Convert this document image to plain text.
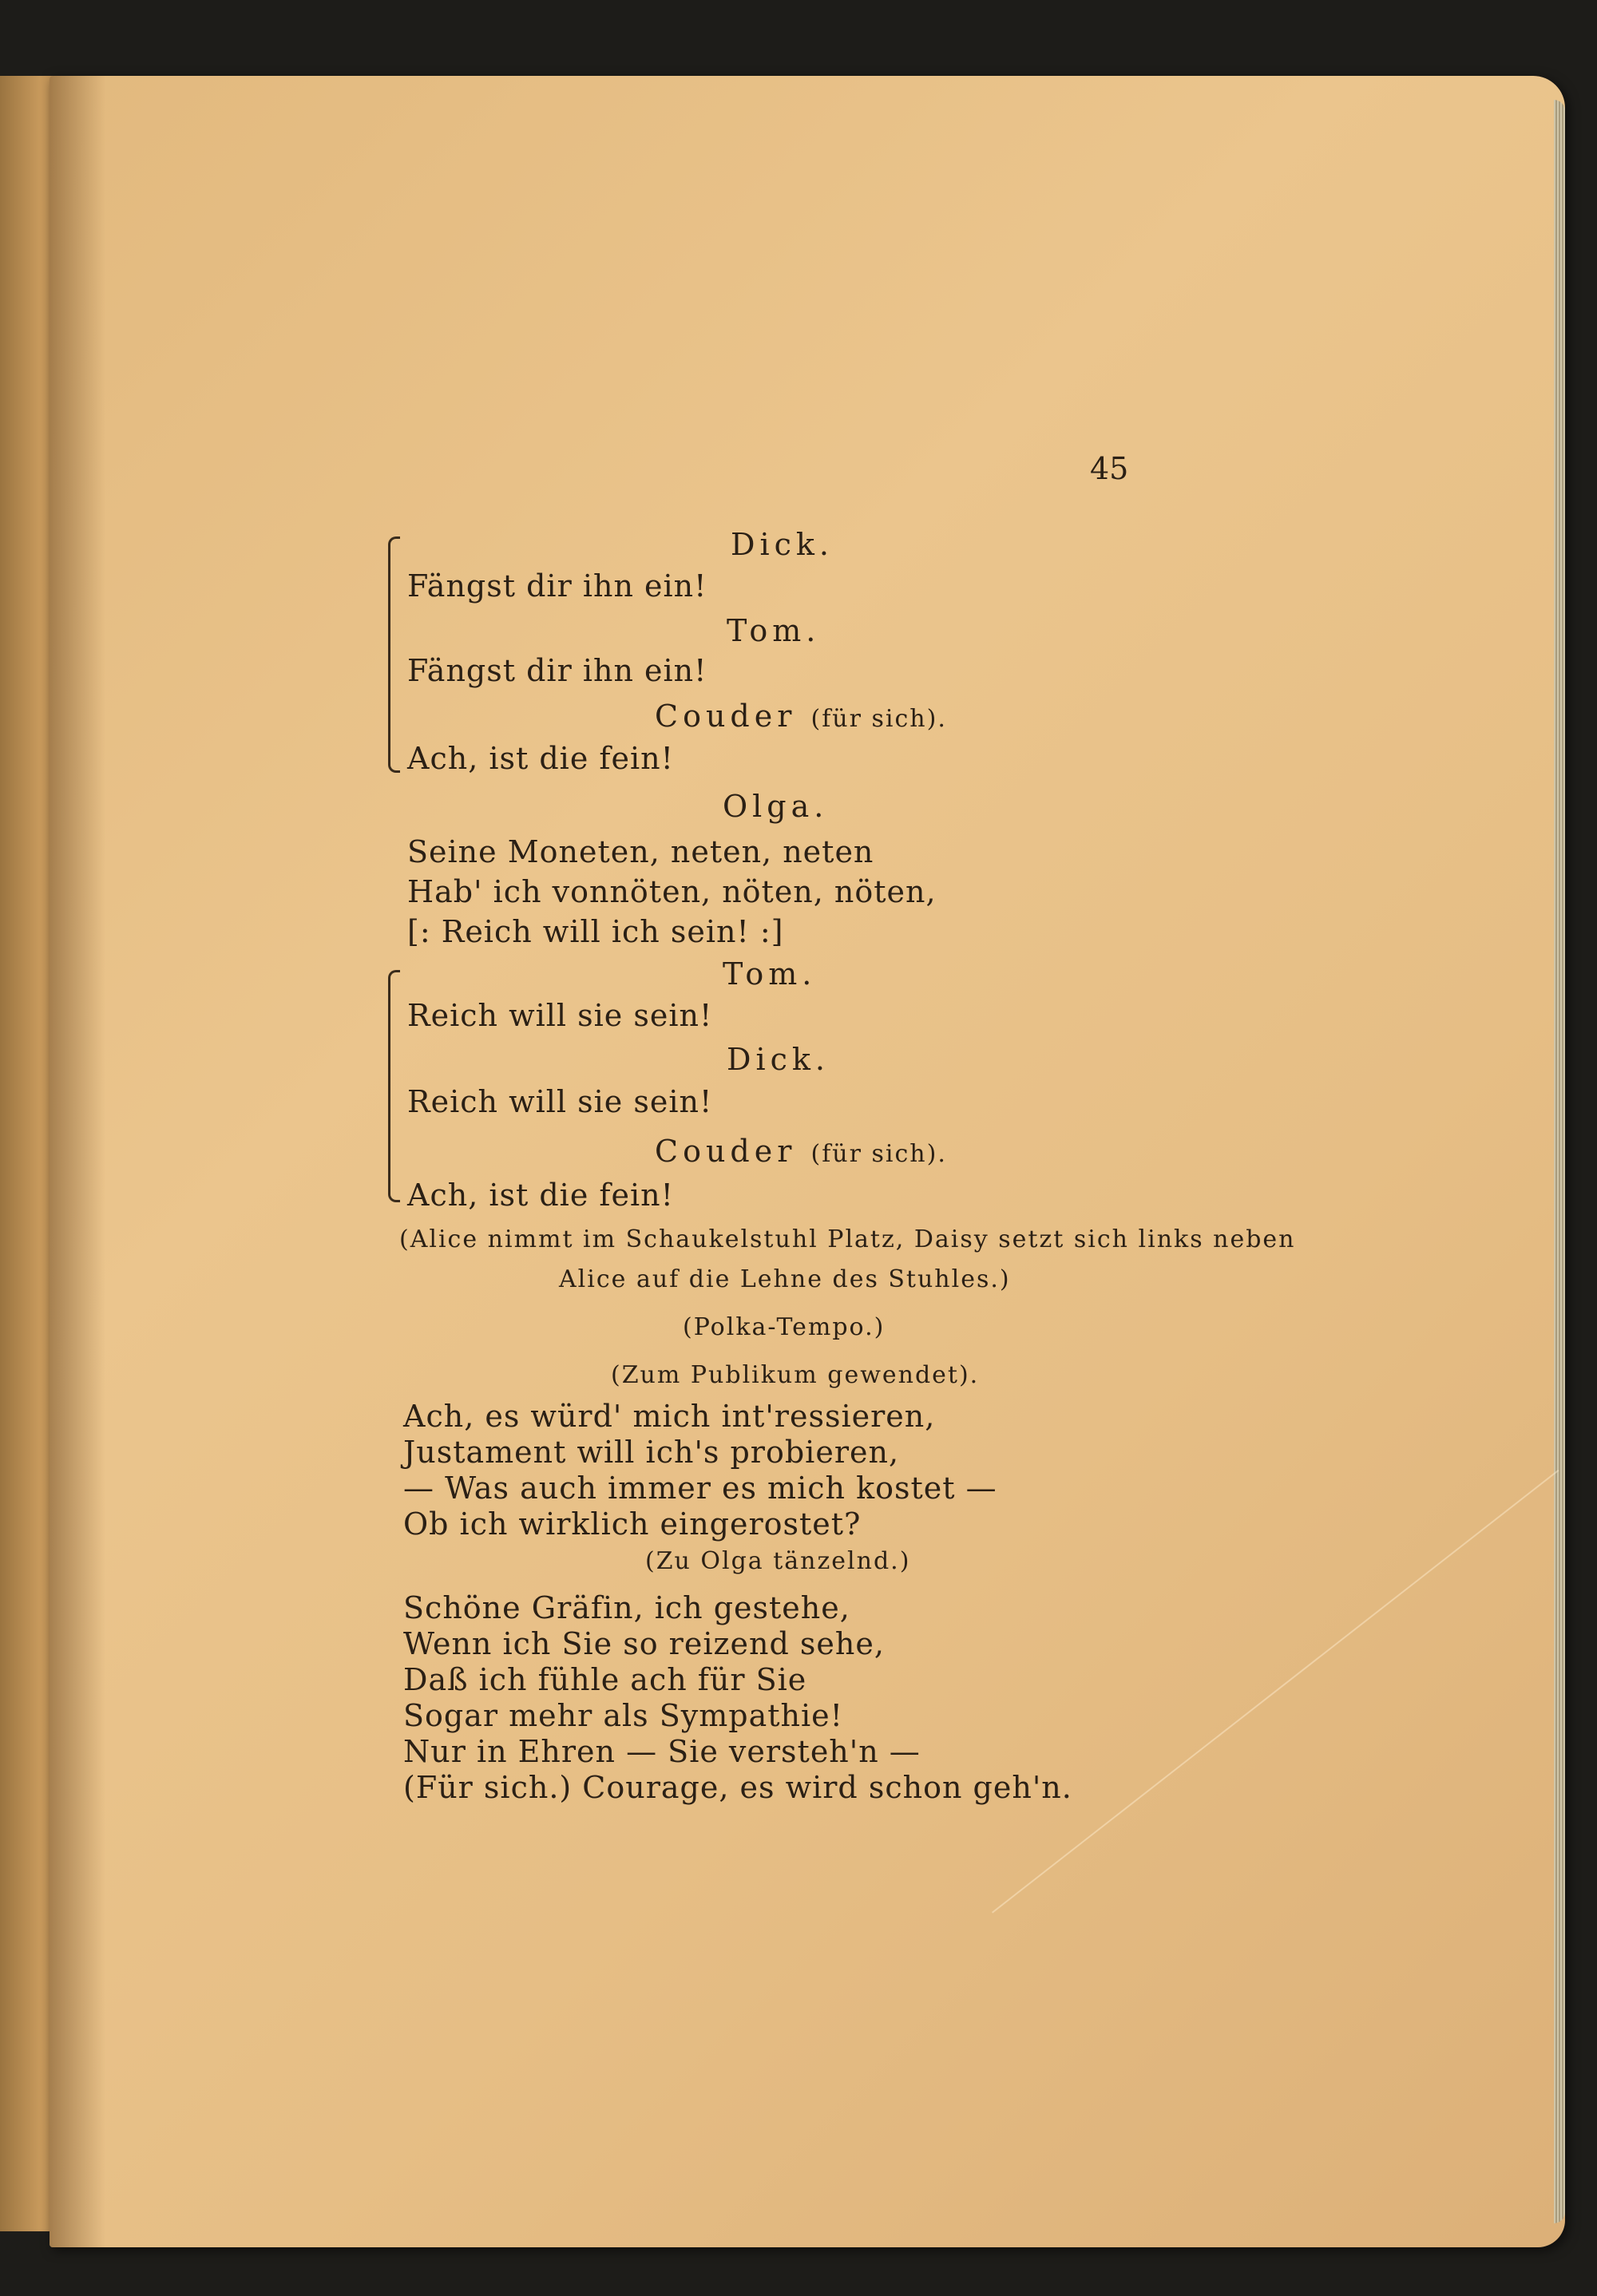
45
Dick.
Fängst dir ihn ein!
Tom.
Fängst dir ihn ein!
Couder (für sich).
Ach, ist die fein!
Olga.
Seine Moneten, neten, neten
Hab' ich vonnöten, nöten, nöten,
[: Reich will ich sein! :]
Tom.
Reich will sie sein!
Dick.
Reich will sie sein!
Couder (für sich).
Ach, ist die fein!
(Alice nimmt im Schaukelstuhl Platz, Daisy setzt sich links neben
Alice auf die Lehne des Stuhles.)
(Polka-Tempo.)
(Zum Publikum gewendet).
Ach, es würd' mich int'ressieren,
Justament will ich's probieren,
— Was auch immer es mich kostet —
Ob ich wirklich eingerostet?
(Zu Olga tänzelnd.)
Schöne Gräfin, ich gestehe,
Wenn ich Sie so reizend sehe,
Daß ich fühle ach für Sie
Sogar mehr als Sympathie!
Nur in Ehren — Sie versteh'n —
(Für sich.) Courage, es wird schon geh'n.
